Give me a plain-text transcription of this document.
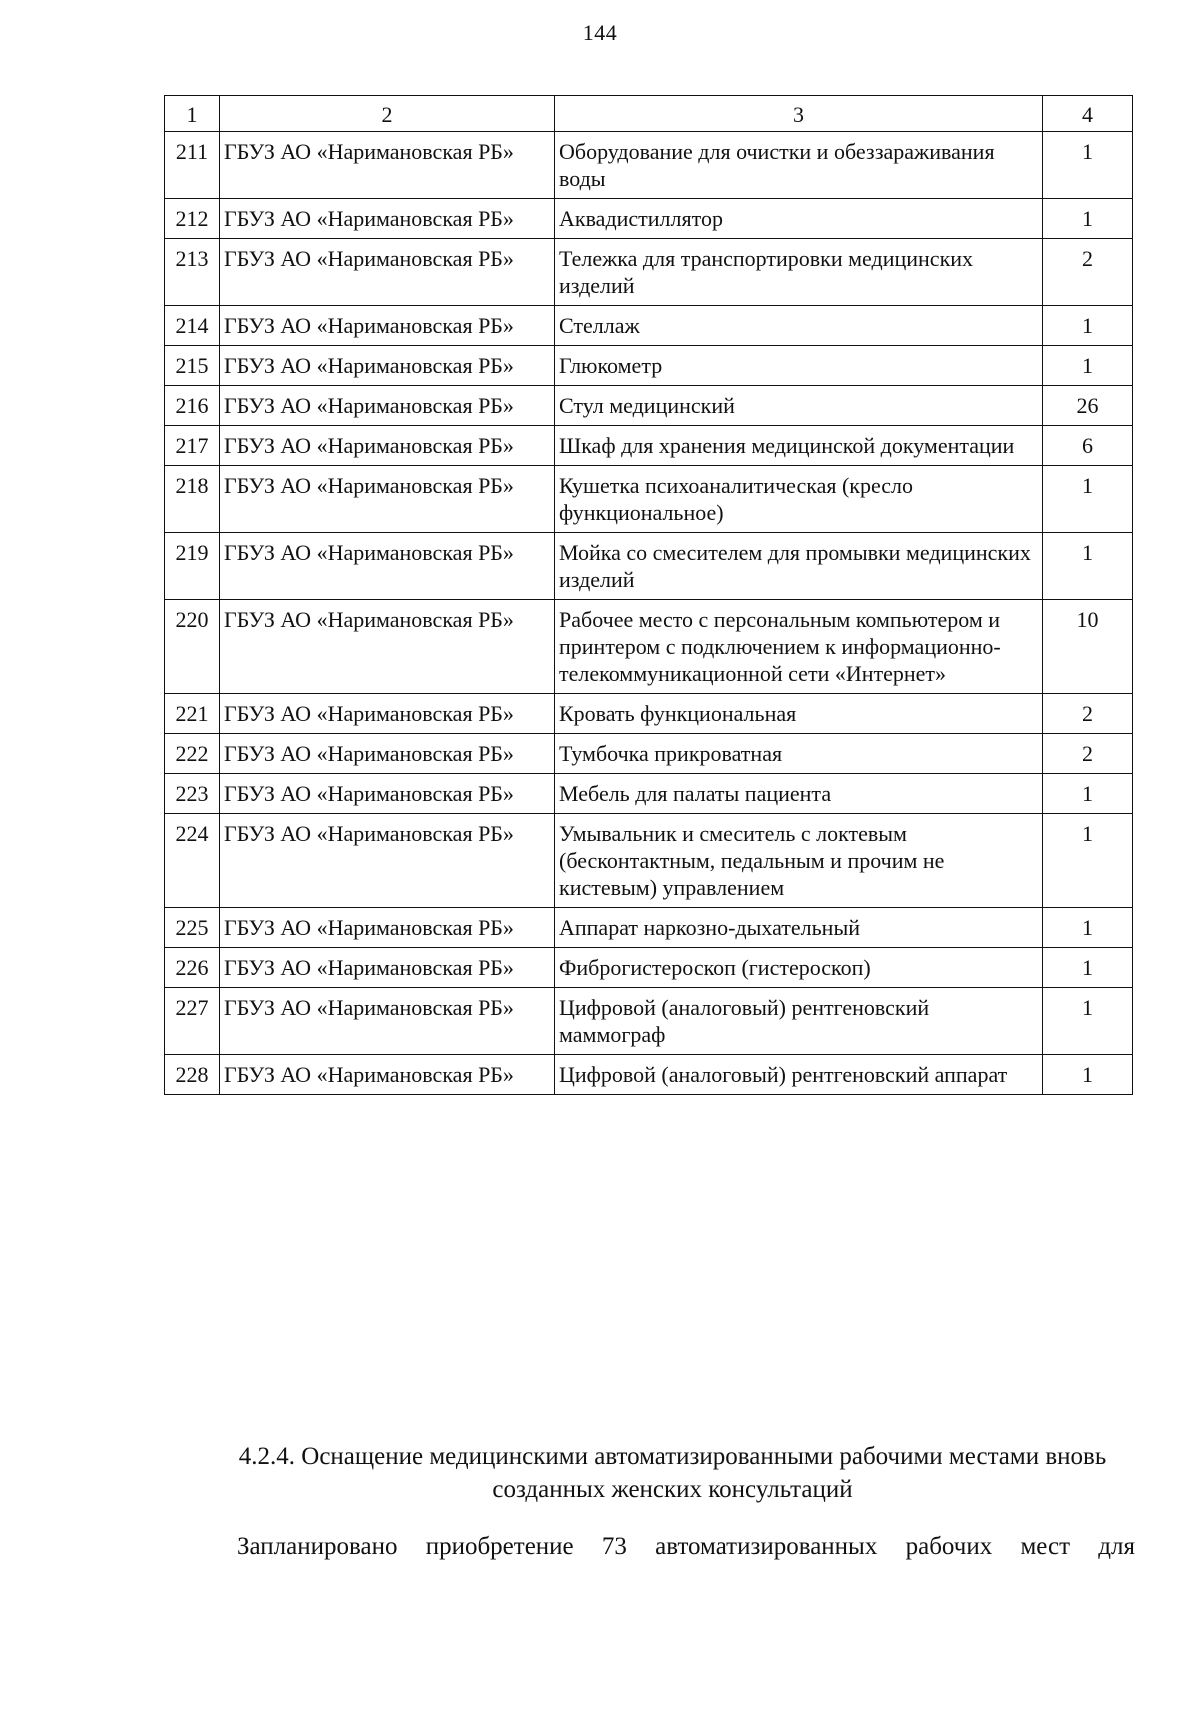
144
1	2	3	4
211	ГБУЗ АО «Наримановская РБ»	Оборудование для очистки и обеззараживания воды	1
212	ГБУЗ АО «Наримановская РБ»	Аквадистиллятор	1
213	ГБУЗ АО «Наримановская РБ»	Тележка для транспортировки медицинских изделий	2
214	ГБУЗ АО «Наримановская РБ»	Стеллаж	1
215	ГБУЗ АО «Наримановская РБ»	Глюкометр	1
216	ГБУЗ АО «Наримановская РБ»	Стул медицинский	26
217	ГБУЗ АО «Наримановская РБ»	Шкаф для хранения медицинской документации	6
218	ГБУЗ АО «Наримановская РБ»	Кушетка психоаналитическая (кресло функциональное)	1
219	ГБУЗ АО «Наримановская РБ»	Мойка со смесителем для промывки медицинских изделий	1
220	ГБУЗ АО «Наримановская РБ»	Рабочее место с персональным компьютером и принтером с подключением к информационно-телекоммуникационной сети «Интернет»	10
221	ГБУЗ АО «Наримановская РБ»	Кровать функциональная	2
222	ГБУЗ АО «Наримановская РБ»	Тумбочка прикроватная	2
223	ГБУЗ АО «Наримановская РБ»	Мебель для палаты пациента	1
224	ГБУЗ АО «Наримановская РБ»	Умывальник и смеситель с локтевым (бесконтактным, педальным и прочим не кистевым) управлением	1
225	ГБУЗ АО «Наримановская РБ»	Аппарат наркозно-дыхательный	1
226	ГБУЗ АО «Наримановская РБ»	Фиброгистероскоп (гистероскоп)	1
227	ГБУЗ АО «Наримановская РБ»	Цифровой (аналоговый) рентгеновский маммограф	1
228	ГБУЗ АО «Наримановская РБ»	Цифровой (аналоговый) рентгеновский аппарат	1
4.2.4. Оснащение медицинскими автоматизированными рабочими местами вновь созданных женских консультаций
Запланировано приобретение 73 автоматизированных рабочих мест для
